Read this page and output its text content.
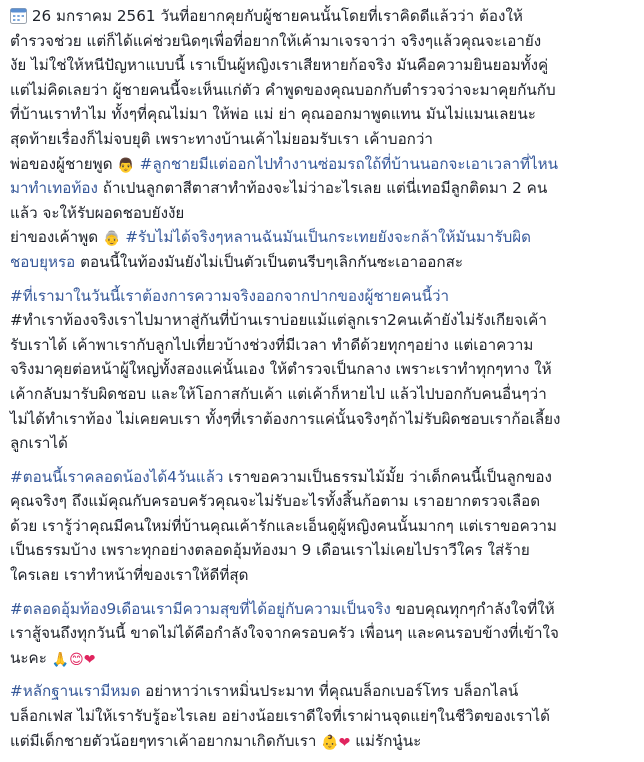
26 มกราคม 2561 วันที่อยากคุยกับผู้ชายคนนั้นโดยที่เราคิดดีแล้วว่า ต้องให้
ตำรวจช่วย แต่ก็ได้แค่ช่วยนิดๆเพื่อที่อยากให้เค้ามาเจรจาว่า จริงๆแล้วคุณจะเอายัง
งัย ไม่ใช่ให้หนีปัญหาแบบนี้ เราเป็นผู้หญิงเราเสียหายก้อจริง มันคือความยินยอมทั้งคู่
แต่ไม่คิดเลยว่า ผู้ชายคนนี้จะเห็นแก่ตัว คำพูดของคุณบอกกับตำรวจว่าจะมาคุยกันกับ
ที่บ้านเราทำไม ทั้งๆที่คุณไม่มา ให้พ่อ แม่ ย่า คุณออกมาพูดแทน มันไม่แมนเลยนะ
สุดท้ายเรื่องก็ไม่จบยุติ เพราะทางบ้านเค้าไม่ยอมรับเรา เค้าบอกว่า
พ่อของผู้ชายพูด 👨 #ลูกชายมีแต่ออกไปทำงานซ่อมรถใถ้ที่บ้านนอกจะเอาเวลาที่ไหน
มาทำเทอท้อง ถ้าเปนลูกตาสีตาสาทำท้องจะไม่ว่าอะไรเลย แต่นี่เทอมีลูกติดมา 2 คน
แล้ว จะให้รับผอดชอบยังงัย
ย่าของเค้าพูด 👵 #รับไม่ได้จริงๆหลานฉันมันเป็นกระเทยยังจะกล้าให้มันมารับผิด
ชอบยุหรอ ตอนนี้ในท้องมันยังไม่เป็นตัวเป็นตนรีบๆเลิกกันซะเอาออกสะ
#ที่เรามาในวันนี้เราต้องการความจริงออกจากปากของผู้ชายคนนี้ว่า
#ทำเราท้องจริงเราไปมาหาสู่กันที่บ้านเราบ่อยแม้แต่ลูกเรา2คนเค้ายังไม่รังเกียจเค้า
รับเราได้ เค้าพาเรากับลูกไปเที่ยวบ้างช่วงที่มีเวลา ทำดีด้วยทุกๆอย่าง แต่เอาความ
จริงมาคุยต่อหน้าผู้ใหญ่ทั้งสองแค่นั้นเอง ให้ตำรวจเป็นกลาง เพราะเราทำทุกๆทาง ให้
เค้ากลับมารับผิดชอบ และให้โอกาสกับเค้า แต่เค้าก็หายไป แล้วไปบอกกับคนอื่นๆว่า
ไม่ได้ทำเราท้อง ไม่เคยคบเรา ทั้งๆที่เราต้องการแค่นั้นจริงๆถ้าไม่รับผิดชอบเราก้อเลี้ยง
ลูกเราได้
#ตอนนี้เราคลอดน้องได้4วันแล้ว เราขอความเป็นธรรมไม้มั้ย ว่าเด็กคนนี้เป็นลูกของ
คุณจริงๆ ถึงแม้คุณกับครอบครัวคุณจะไม่รับอะไรทั้งสิ้นก้อตาม เราอยากตรวจเลือด
ด้วย เรารู้ว่าคุณมีคนใหม่ที่บ้านคุณเค้ารักและเอ็นดูผู้หญิงคนนั้นมากๆ แต่เราขอความ
เป็นธรรมบ้าง เพราะทุกอย่างตลอดอุ้มท้องมา 9 เดือนเราไม่เคยไปราวีใคร ใส่ร้าย
ใครเลย เราทำหน้าที่ของเราให้ดีที่สุด
#ตลอดอุ้มท้อง9เดือนเรามีความสุขที่ได้อยู่กับความเป็นจริง ขอบคุณทุกๆกำลังใจที่ให้
เราสู้จนถึงทุกวันนี้ ขาดไม่ได้คือกำลังใจจากครอบครัว เพื่อนๆ และคนรอบข้างที่เข้าใจ
นะคะ 🙏😊❤
#หลักฐานเรามีหมด อย่าหาว่าเราหมิ่นประมาท ที่คุณบล็อกเบอร์โทร บล็อกไลน์
บล็อกเฟส ไม่ให้เรารับรู้อะไรเลย อย่างน้อยเราดีใจที่เราผ่านจุดแย่ๆในชีวิตของเราได้
แต่มีเด็กชายตัวน้อยๆทราเค้าอยากมาเกิดกับเรา 👶❤ แม่รักนู๋นะ
